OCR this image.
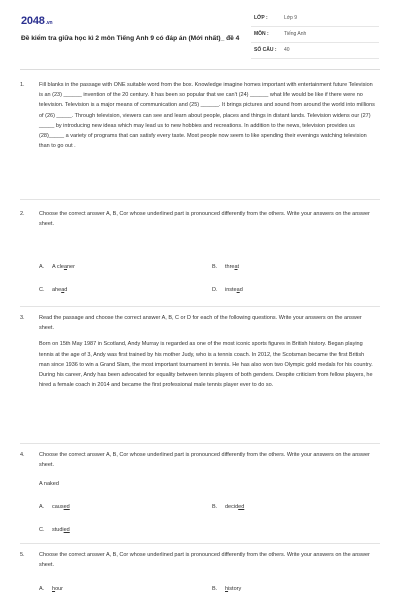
2048.vn
Đề kiểm tra giữa học kì 2 môn Tiếng Anh 9 có đáp án (Mới nhất)_ đề 4
LỚP :	Lớp 9
MÔN :	Tiếng Anh
SỐ CÂU : 40
1.	Fill blanks in the passage with ONE suitable word from the box. Knowledge imagine homes important with entertainment future Television is an (23) ______ invention of the 20 century. It has been so popular that we can't (24) ______ what life would be like if there were no television. Television is a major means of communication and (25) ______. It brings pictures and sound from around the world into millions of (26) _____. Through television, viewers can see and learn about people, places and things in distant lands. Television widens our (27) _____ by introducing new ideas which may lead us to new hobbies and recreations. In addition to the news, television provides us (28)_____ a variety of programs that can satisfy every taste. Most people now seem to like spending their evenings watching television than to go out .
2.	Choose the correct answer A, B, Cor whose underlined part is pronounced differently from the others. Write your answers on the answer sheet.
A. A cleaner	B. threat
C. ahead	D. instead
3.	Read the passage and choose the correct answer A, B, C or D for each of the following questions. Write your answers on the answer sheet.
Born on 15th May 1987 in Scotland, Andy Murray is regarded as one of the most iconic sports figures in British history. Began playing tennis at the age of 3, Andy was first trained by his mother Judy, who is a tennis coach. In 2012, the Scotsman became the first British man since 1936 to win a Grand Slam, the most important tournament in tennis. He has also won two Olympic gold medals for his country. During his career, Andy has been advocated for equality between tennis players of both genders. Despite criticism from fellow players, he hired a female coach in 2014 and became the first professional male tennis player ever to do so.
4.	Choose the correct answer A, B, Cor whose underlined part is pronounced differently from the others. Write your answers on the answer sheet.
A naked
A. caused	B. decided
C. studied
5.	Choose the correct answer A, B, Cor whose underlined part is pronounced differently from the others. Write your answers on the answer sheet.
A. hour	B. history
